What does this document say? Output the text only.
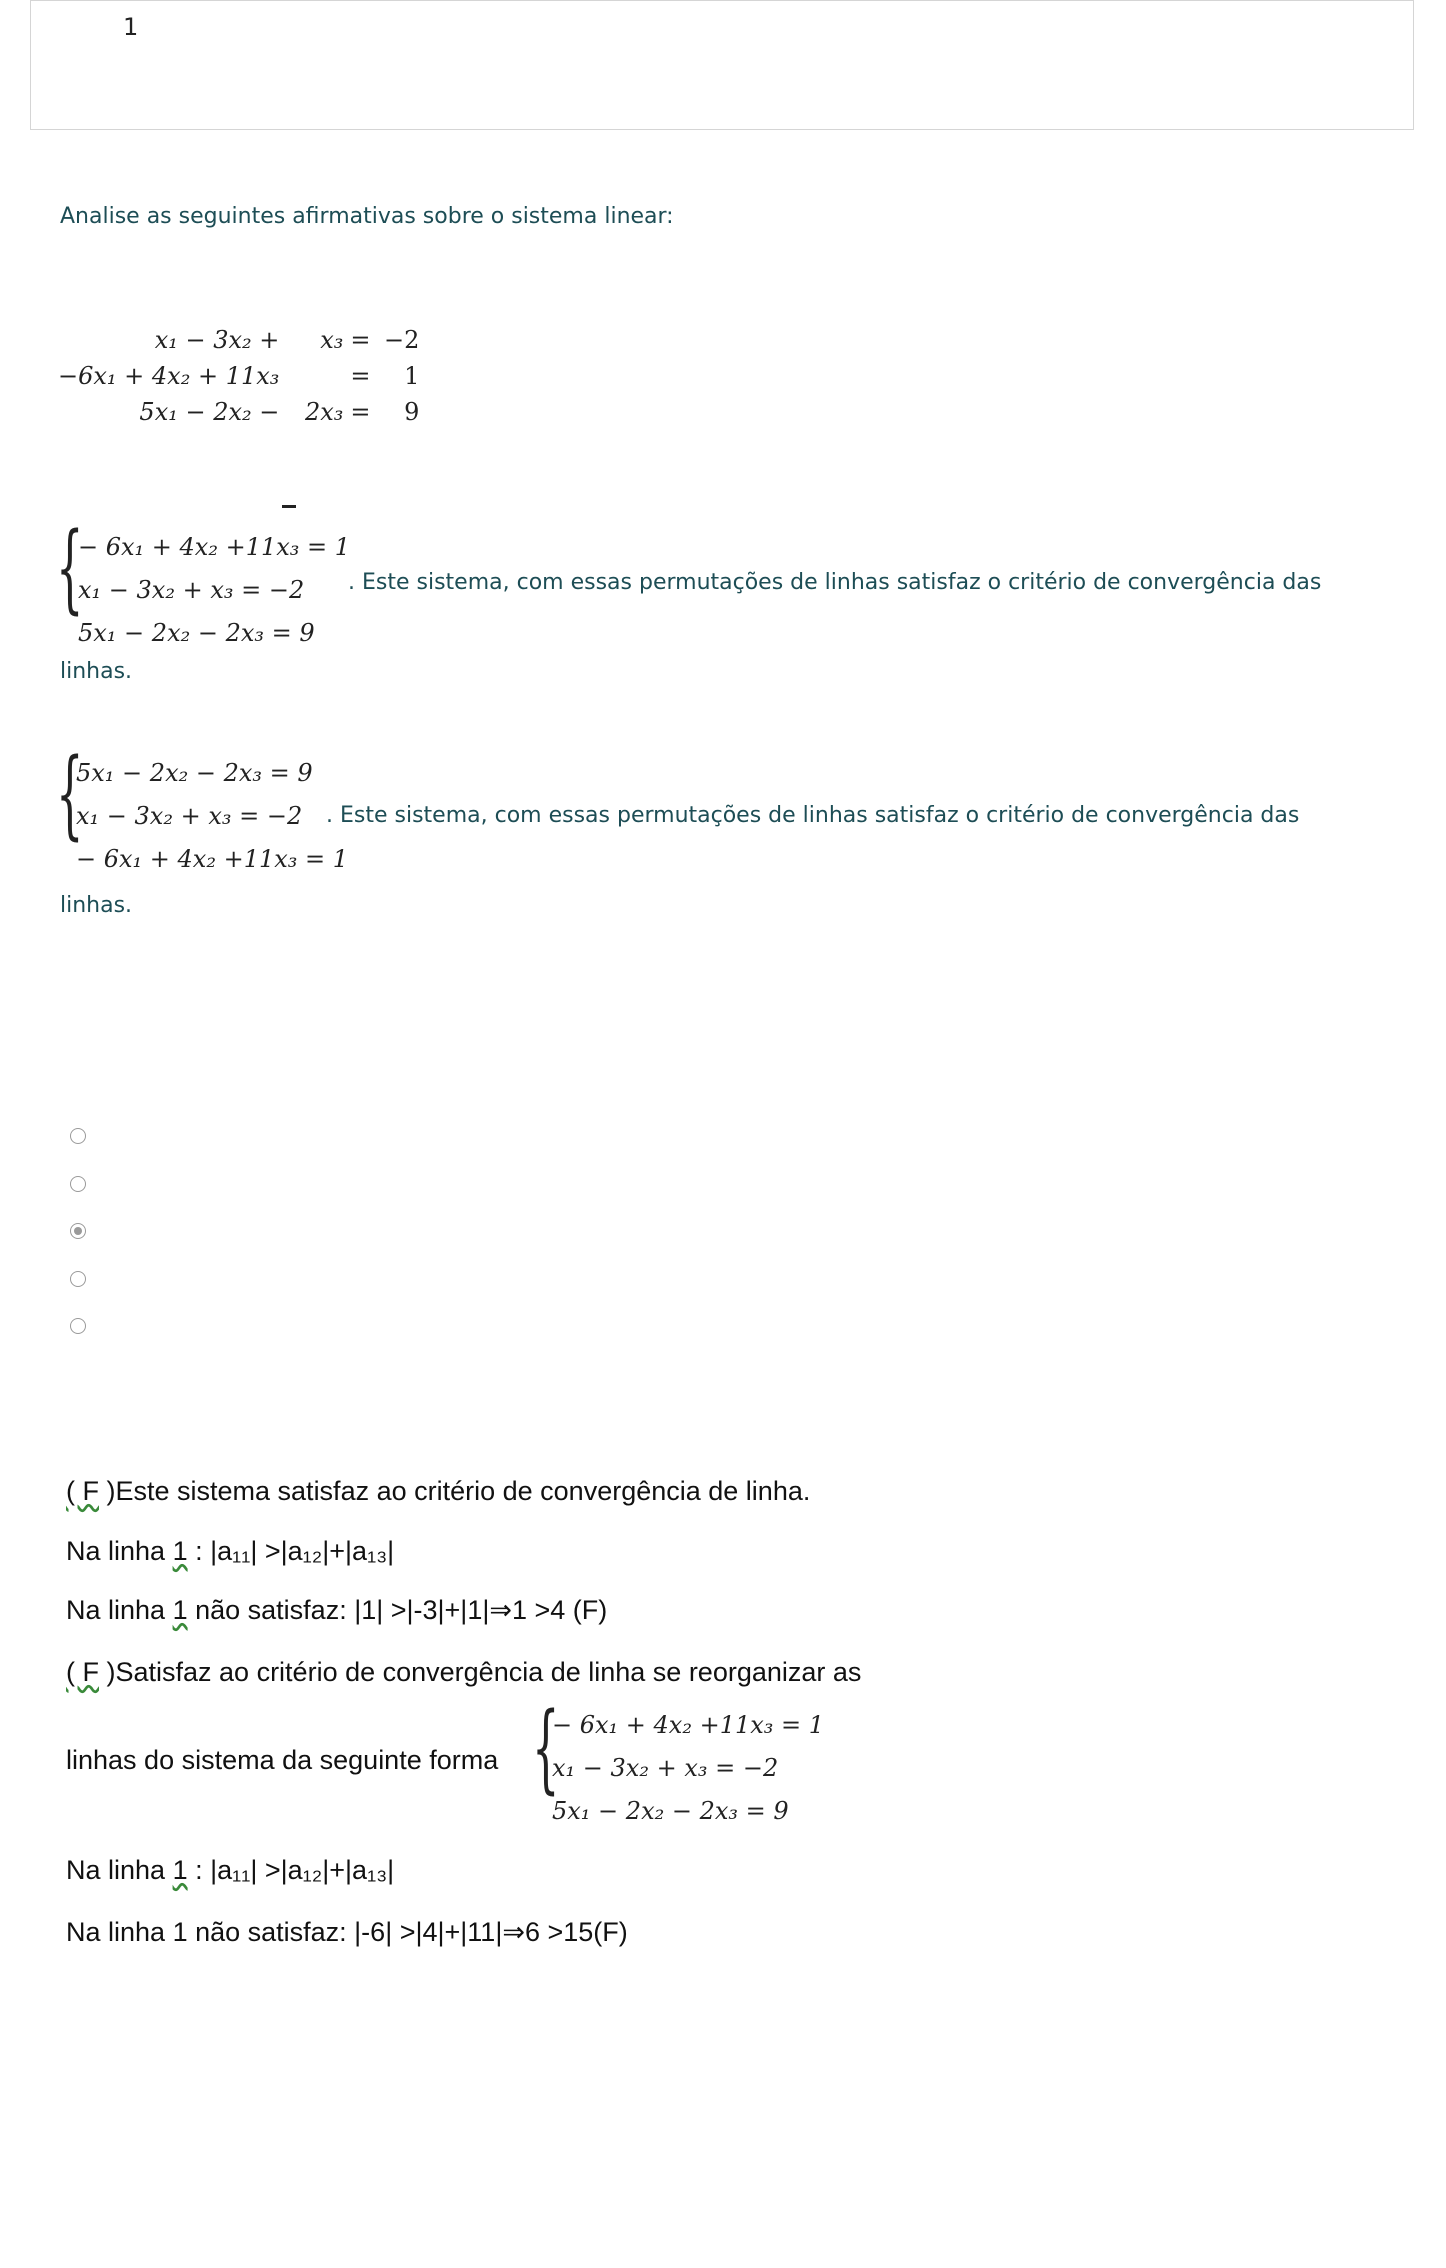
1
Analise as seguintes afirmativas sobre o sistema linear:
x₁ − 3x₂ +	x₃ = −2
−6x₁ + 4x₂ + 11x₃	=	1
5x₁ − 2x₂ −	2x₃ =	9
{
− 6x₁ + 4x₂ +11x₃ = 1
x₁ − 3x₂ + x₃ = −2
5x₁ − 2x₂ − 2x₃ = 9
. Este sistema, com essas permutações de linhas satisfaz o critério de convergência das
linhas.
{
5x₁ − 2x₂ − 2x₃ = 9
x₁ − 3x₂ + x₃ = −2
− 6x₁ + 4x₂ +11x₃ = 1
. Este sistema, com essas permutações de linhas satisfaz o critério de convergência das
linhas.
( F )Este sistema satisfaz ao critério de convergência de linha.
Na linha 1 : |a₁₁| >|a₁₂|+|a₁₃|
Na linha 1 não satisfaz: |1| >|-3|+|1|⇒1 >4 (F)
( F )Satisfaz ao critério de convergência de linha se reorganizar as
linhas do sistema da seguinte forma {
− 6x₁ + 4x₂ +11x₃ = 1
x₁ − 3x₂ + x₃ = −2
5x₁ − 2x₂ − 2x₃ = 9
Na linha 1 : |a₁₁| >|a₁₂|+|a₁₃|
Na linha 1 não satisfaz: |-6| >|4|+|11|⇒6 >15(F)
